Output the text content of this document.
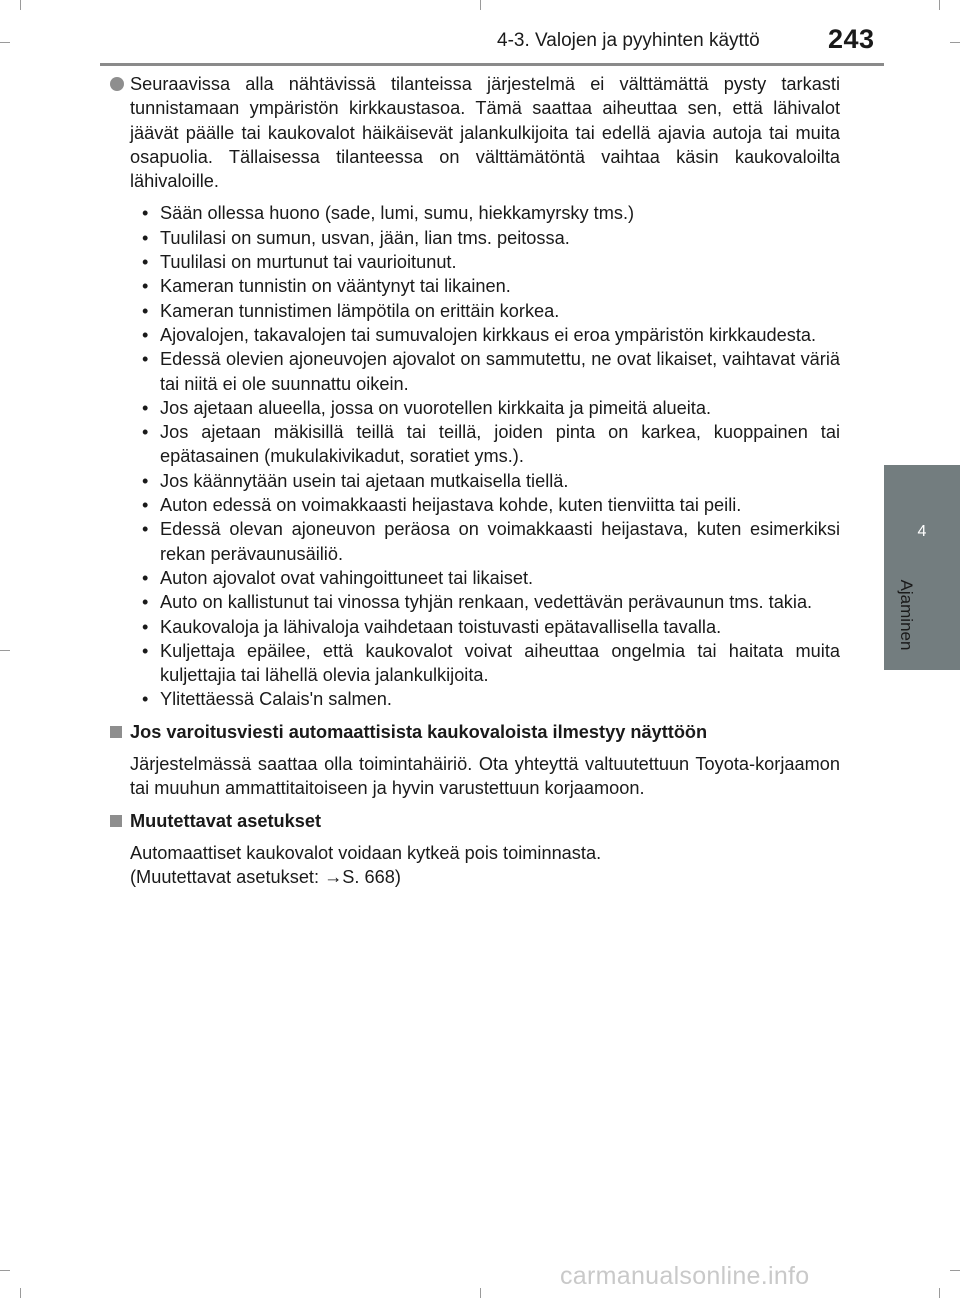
4-3. Valojen ja pyyhinten käyttö	243
4
Ajaminen
Seuraavissa alla nähtävissä tilanteissa järjestelmä ei välttämättä pysty tarkasti tunnistamaan ympäristön kirkkaustasoa. Tämä saattaa aiheuttaa sen, että lähivalot jäävät päälle tai kaukovalot häikäisevät jalankulkijoita tai edellä ajavia autoja tai muita osapuolia. Tällaisessa tilanteessa on välttämätöntä vaihtaa käsin kaukovaloilta lähivaloille.
• Sään ollessa huono (sade, lumi, sumu, hiekkamyrsky tms.)
• Tuulilasi on sumun, usvan, jään, lian tms. peitossa.
• Tuulilasi on murtunut tai vaurioitunut.
• Kameran tunnistin on vääntynyt tai likainen.
• Kameran tunnistimen lämpötila on erittäin korkea.
• Ajovalojen, takavalojen tai sumuvalojen kirkkaus ei eroa ympäristön kirkkaudesta.
• Edessä olevien ajoneuvojen ajovalot on sammutettu, ne ovat likaiset, vaihtavat väriä tai niitä ei ole suunnattu oikein.
• Jos ajetaan alueella, jossa on vuorotellen kirkkaita ja pimeitä alueita.
• Jos ajetaan mäkisillä teillä tai teillä, joiden pinta on karkea, kuoppainen tai epätasainen (mukulakivikadut, soratiet yms.).
• Jos käännytään usein tai ajetaan mutkaisella tiellä.
• Auton edessä on voimakkaasti heijastava kohde, kuten tienviitta tai peili.
• Edessä olevan ajoneuvon peräosa on voimakkaasti heijastava, kuten esimerkiksi rekan perävaunusäiliö.
• Auton ajovalot ovat vahingoittuneet tai likaiset.
• Auto on kallistunut tai vinossa tyhjän renkaan, vedettävän perävaunun tms. takia.
• Kaukovaloja ja lähivaloja vaihdetaan toistuvasti epätavallisella tavalla.
• Kuljettaja epäilee, että kaukovalot voivat aiheuttaa ongelmia tai haitata muita kuljettajia tai lähellä olevia jalankulkijoita.
• Ylitettäessä Calais'n salmen.
Jos varoitusviesti automaattisista kaukovaloista ilmestyy näyttöön
Järjestelmässä saattaa olla toimintahäiriö. Ota yhteyttä valtuutettuun Toyota-korjaamon tai muuhun ammattitaitoiseen ja hyvin varustettuun korjaamoon.
Muutettavat asetukset
Automaattiset kaukovalot voidaan kytkeä pois toiminnasta.
(Muutettavat asetukset: →S. 668)
carmanualsonline.info
